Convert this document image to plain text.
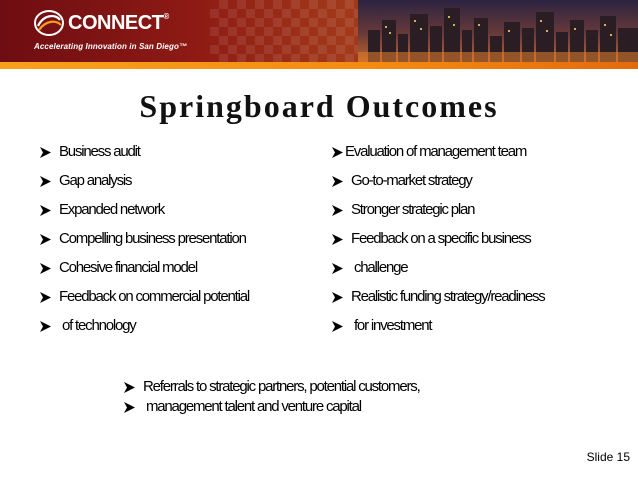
CONNECT®
Accelerating Innovation in San Diego™
Springboard Outcomes
Business audit
Gap analysis
Expanded network
Compelling business presentation
Cohesive financial model
Feedback on commercial potential
of technology
Evaluation of management team
Go-to-market strategy
Stronger strategic plan
Feedback on a specific business
challenge
Realistic funding strategy/readiness
for investment
Referrals to strategic partners, potential customers,
management talent and venture capital
Slide 15
